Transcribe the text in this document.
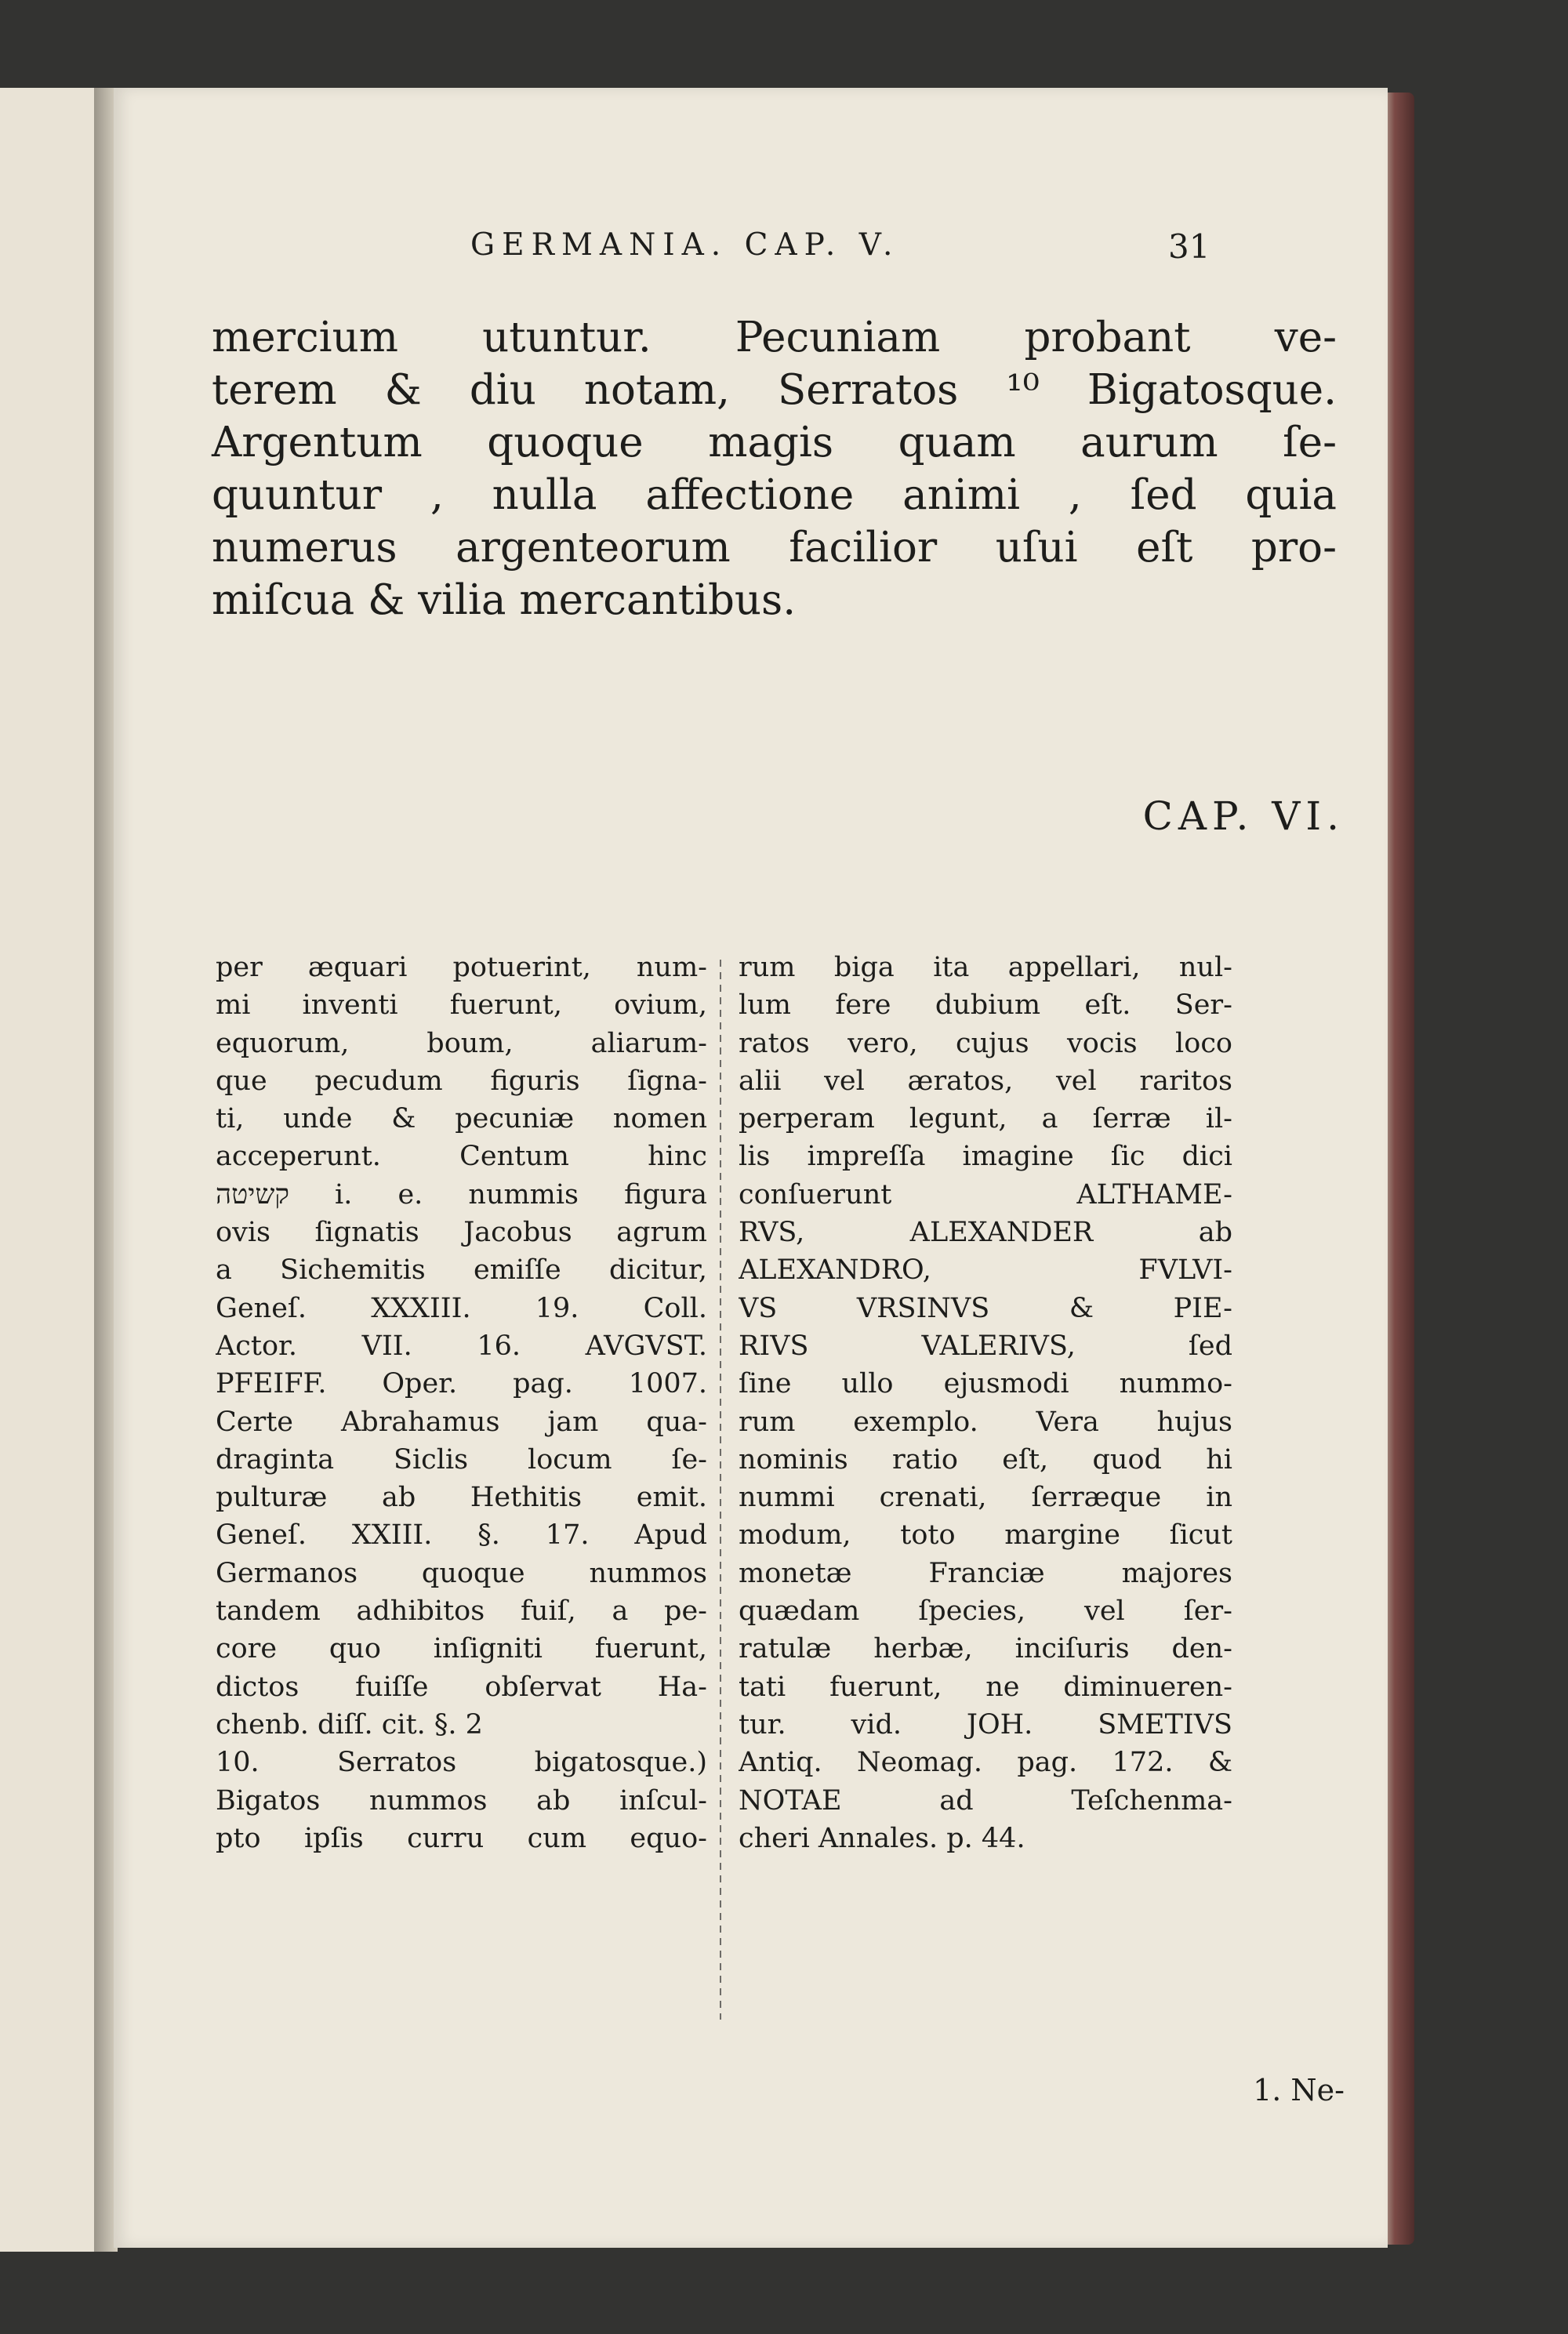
GERMANIA. CAP. V.	31
mercium utuntur. Pecuniam probant ve-
terem & diu notam, Serratos ¹⁰ Bigatosque.
Argentum quoque magis quam aurum ſe-
quuntur , nulla affectione animi , ſed quia
numerus argenteorum facilior uſui eſt pro-
miſcua & vilia mercantibus.
CAP. VI.
per æquari potuerint, num-
mi inventi fuerunt, ovium,
equorum, boum, aliarum-
que pecudum figuris ſigna-
ti, unde & pecuniæ nomen
acceperunt. Centum hinc
קשיטה i. e. nummis figura
ovis ſignatis Jacobus agrum
a Sichemitis emiſſe dicitur,
Geneſ. XXXIII. 19. Coll.
Actor. VII. 16. AVGVST.
PFEIFF. Oper. pag. 1007.
Certe Abrahamus jam qua-
draginta Siclis locum ſe-
pulturæ ab Hethitis emit.
Geneſ. XXIII. §. 17. Apud
Germanos quoque nummos
tandem adhibitos fuiſ, a pe-
core quo inſigniti fuerunt,
dictos fuiſſe obſervat Ha-
chenb. diſſ. cit. §. 2
10. Serratos bigatosque.)
Bigatos nummos ab inſcul-
pto ipſis curru cum equo-
rum biga ita appellari, nul-
lum fere dubium eſt. Ser-
ratos vero, cujus vocis loco
alii vel æratos, vel raritos
perperam legunt, a ſerræ il-
lis impreſſa imagine ſic dici
conſuerunt ALTHAME-
RVS, ALEXANDER ab
ALEXANDRO, FVLVI-
VS VRSINVS & PIE-
RIVS VALERIVS, ſed
ſine ullo ejusmodi nummo-
rum exemplo. Vera hujus
nominis ratio eſt, quod hi
nummi crenati, ſerræque in
modum, toto margine ſicut
monetæ Franciæ majores
quædam ſpecies, vel ſer-
ratulæ herbæ, inciſuris den-
tati fuerunt, ne diminueren-
tur. vid. JOH. SMETIVS
Antiq. Neomag. pag. 172. &
NOTAE ad Teſchenma-
cheri Annales. p. 44.
1. Ne-
